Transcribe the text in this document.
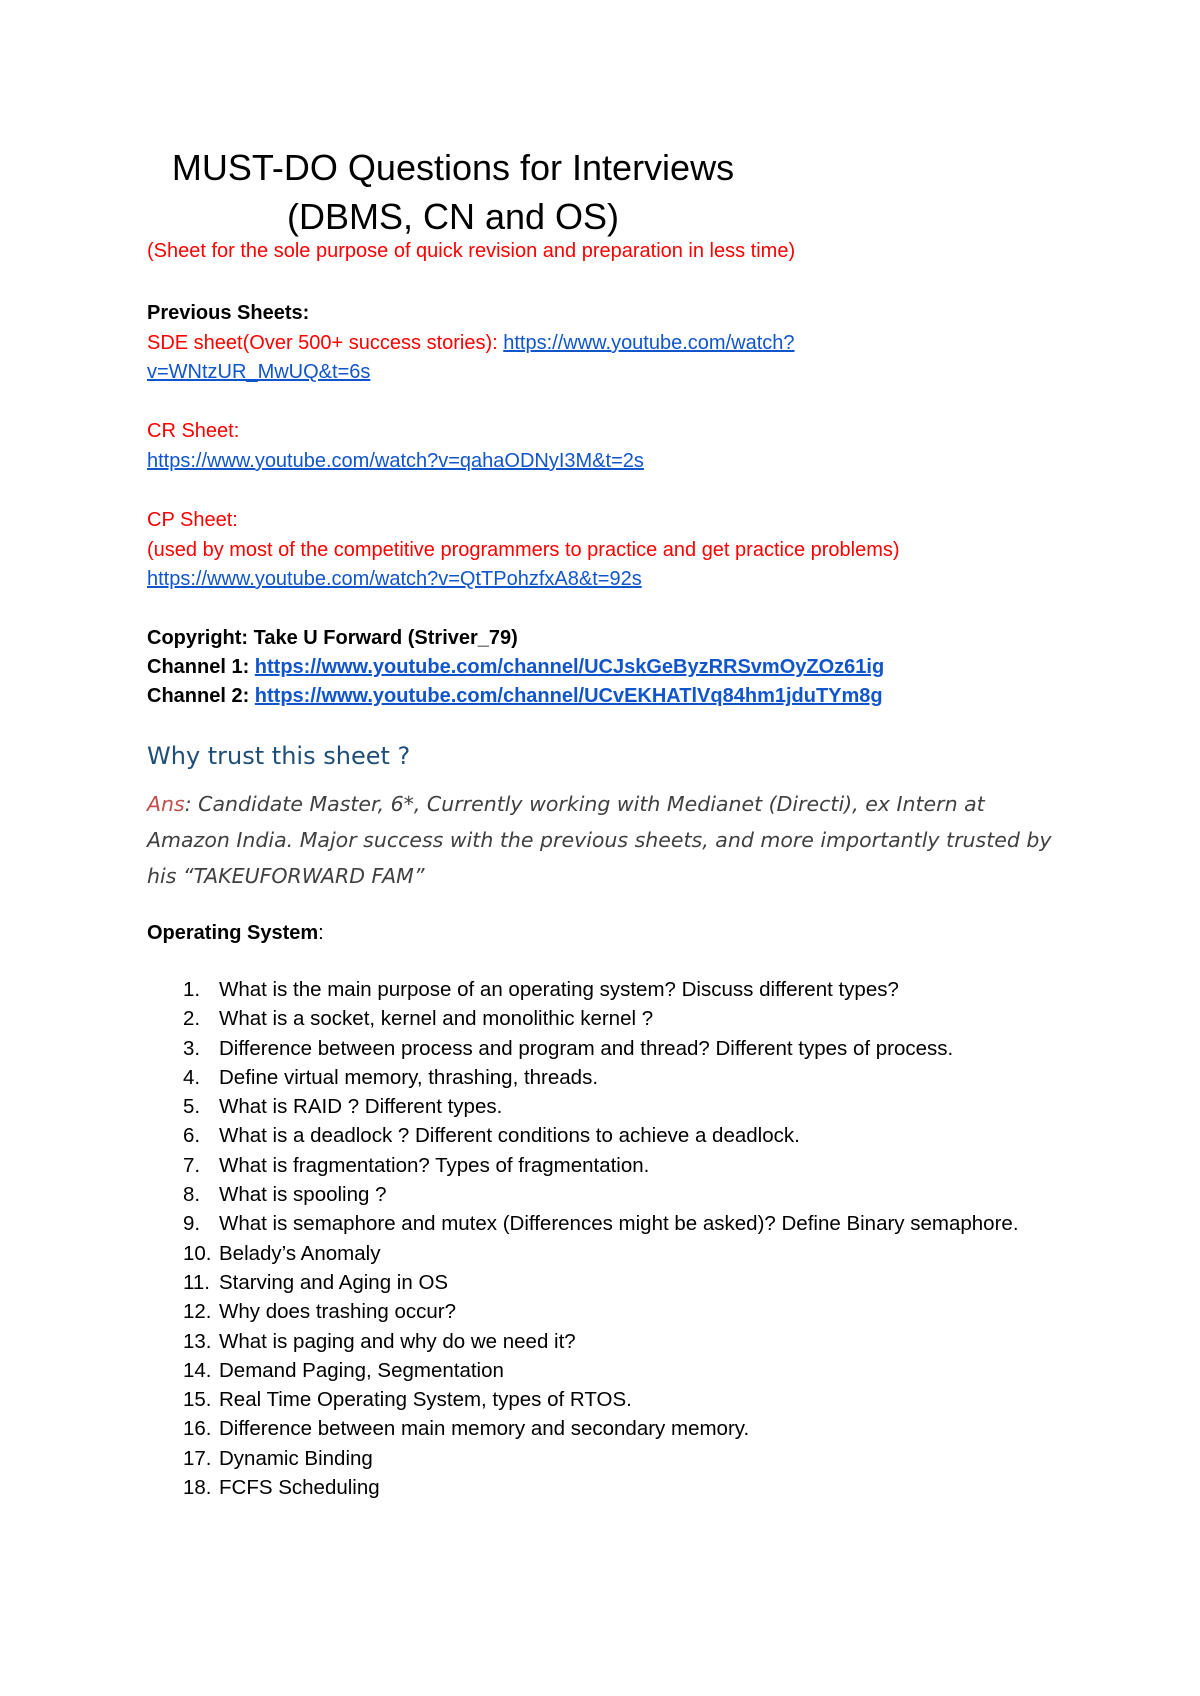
MUST-DO Questions for Interviews
(DBMS, CN and OS)
(Sheet for the sole purpose of quick revision and preparation in less time)
Previous Sheets:
SDE sheet(Over 500+ success stories): https://www.youtube.com/watch?
v=WNtzUR_MwUQ&t=6s
CR Sheet:
https://www.youtube.com/watch?v=qahaODNyI3M&t=2s
CP Sheet:
(used by most of the competitive programmers to practice and get practice problems)
https://www.youtube.com/watch?v=QtTPohzfxA8&t=92s
Copyright: Take U Forward (Striver_79)
Channel 1: https://www.youtube.com/channel/UCJskGeByzRRSvmOyZOz61ig
Channel 2: https://www.youtube.com/channel/UCvEKHATlVq84hm1jduTYm8g
Why trust this sheet ?
Ans: Candidate Master, 6*, Currently working with Medianet (Directi), ex Intern at Amazon India. Major success with the previous sheets, and more importantly trusted by his “TAKEUFORWARD FAM”
Operating System:
1. What is the main purpose of an operating system? Discuss different types?
2. What is a socket, kernel and monolithic kernel ?
3. Difference between process and program and thread? Different types of process.
4. Define virtual memory, thrashing, threads.
5. What is RAID ? Different types.
6. What is a deadlock ? Different conditions to achieve a deadlock.
7. What is fragmentation? Types of fragmentation.
8. What is spooling ?
9. What is semaphore and mutex (Differences might be asked)? Define Binary semaphore.
10. Belady’s Anomaly
11. Starving and Aging in OS
12. Why does trashing occur?
13. What is paging and why do we need it?
14. Demand Paging, Segmentation
15. Real Time Operating System, types of RTOS.
16. Difference between main memory and secondary memory.
17. Dynamic Binding
18. FCFS Scheduling
